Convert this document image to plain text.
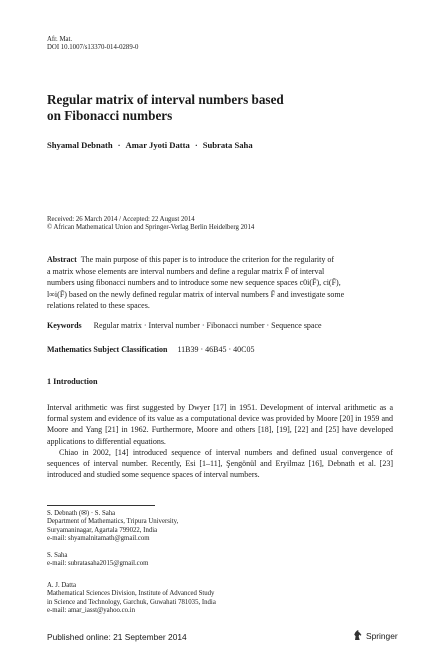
Afr. Mat.
DOI 10.1007/s13370-014-0289-0
Regular matrix of interval numbers based
on Fibonacci numbers
Shyamal Debnath · Amar Jyoti Datta · Subrata Saha
Received: 26 March 2014 / Accepted: 22 August 2014
© African Mathematical Union and Springer-Verlag Berlin Heidelberg 2014
Abstract The main purpose of this paper is to introduce the criterion for the regularity of
a matrix whose elements are interval numbers and define a regular matrix F̄ of interval
numbers using fibonacci numbers and to introduce some new sequence spaces c0i(F̄), ci(F̄),
l∞i(F̄) based on the newly defined regular matrix of interval numbers F̄ and investigate some
relations related to these spaces.
Keywords Regular matrix · Interval number · Fibonacci number · Sequence space
Mathematics Subject Classification 11B39 · 46B45 · 40C05
1 Introduction

Interval arithmetic was first suggested by Dwyer [17] in 1951. Development of interval arithmetic as a formal system and evidence of its value as a computational device was provided by Moore [20] in 1959 and Moore and Yang [21] in 1962. Furthermore, Moore and others [18], [19], [22] and [25] have developed applications to differential equations.

Chiao in 2002, [14] introduced sequence of interval numbers and defined usual convergence of sequences of interval number. Recently, Esi [1–11], Şengönül and Eryilmaz [16], Debnath et al. [23] introduced and studied some sequence spaces of interval numbers.

S. Debnath (✉) · S. Saha
Department of Mathematics, Tripura University,
Suryamaninagar, Agartala 799022, India
e-mail: shyamalnitamath@gmail.com
S. Saha
e-mail: subratasaha2015@gmail.com
A. J. Datta
Mathematical Sciences Division, Institute of Advanced Study
in Science and Technology, Garchuk, Guwahati 781035, India
e-mail: amar_iasst@yahoo.co.in
Published online: 21 September 2014	Springer
